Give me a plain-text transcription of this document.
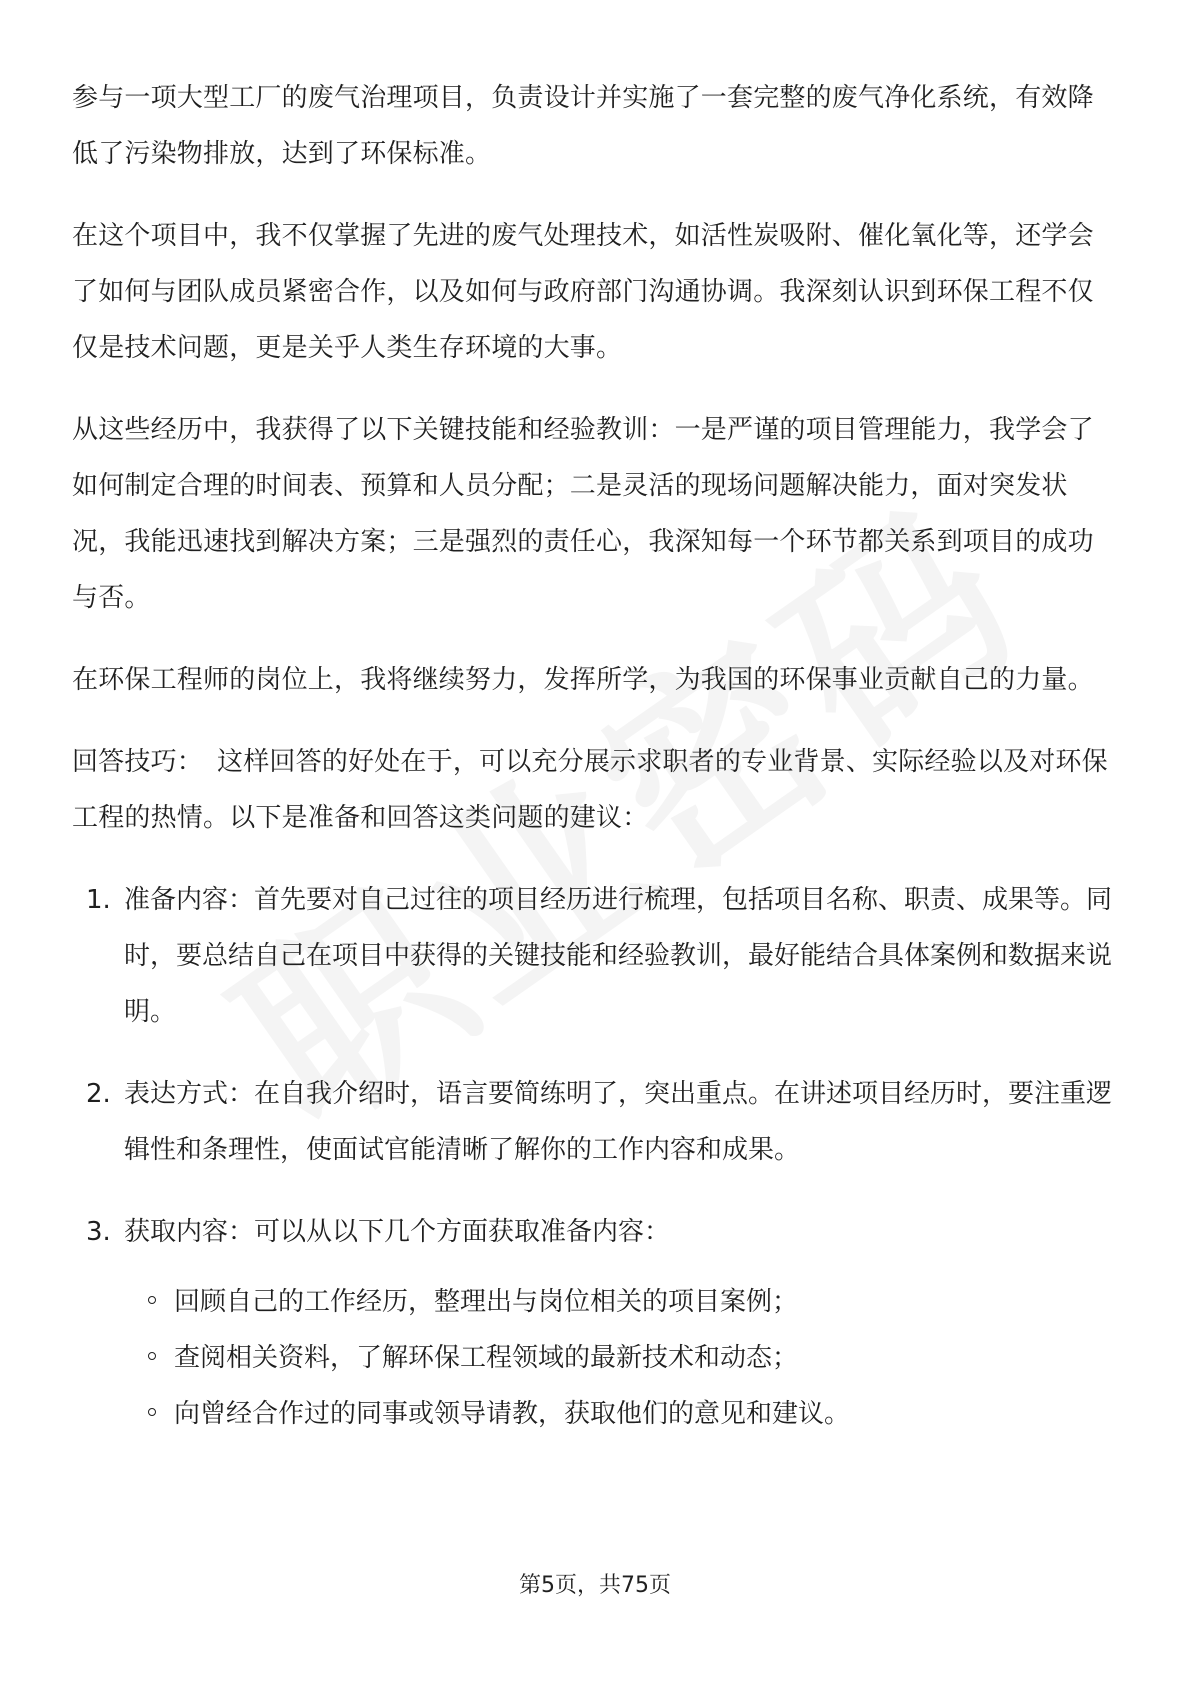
参与一项大型工厂的废气治理项目，负责设计并实施了一套完整的废气净化系统，有效降低了污染物排放，达到了环保标准。

在这个项目中，我不仅掌握了先进的废气处理技术，如活性炭吸附、催化氧化等，还学会了如何与团队成员紧密合作，以及如何与政府部门沟通协调。我深刻认识到环保工程不仅仅是技术问题，更是关乎人类生存环境的大事。

从这些经历中，我获得了以下关键技能和经验教训：一是严谨的项目管理能力，我学会了如何制定合理的时间表、预算和人员分配；二是灵活的现场问题解决能力，面对突发状况，我能迅速找到解决方案；三是强烈的责任心，我深知每一个环节都关系到项目的成功与否。

在环保工程师的岗位上，我将继续努力，发挥所学，为我国的环保事业贡献自己的力量。

回答技巧： 这样回答的好处在于，可以充分展示求职者的专业背景、实际经验以及对环保工程的热情。以下是准备和回答这类问题的建议：

1. 准备内容：首先要对自己过往的项目经历进行梳理，包括项目名称、职责、成果等。同时，要总结自己在项目中获得的关键技能和经验教训，最好能结合具体案例和数据来说明。
2. 表达方式：在自我介绍时，语言要简练明了，突出重点。在讲述项目经历时，要注重逻辑性和条理性，使面试官能清晰了解你的工作内容和成果。
3. 获取内容：可以从以下几个方面获取准备内容：
回顾自己的工作经历，整理出与岗位相关的项目案例；
查阅相关资料，了解环保工程领域的最新技术和动态；
向曾经合作过的同事或领导请教，获取他们的意见和建议。
第5页，共75页
